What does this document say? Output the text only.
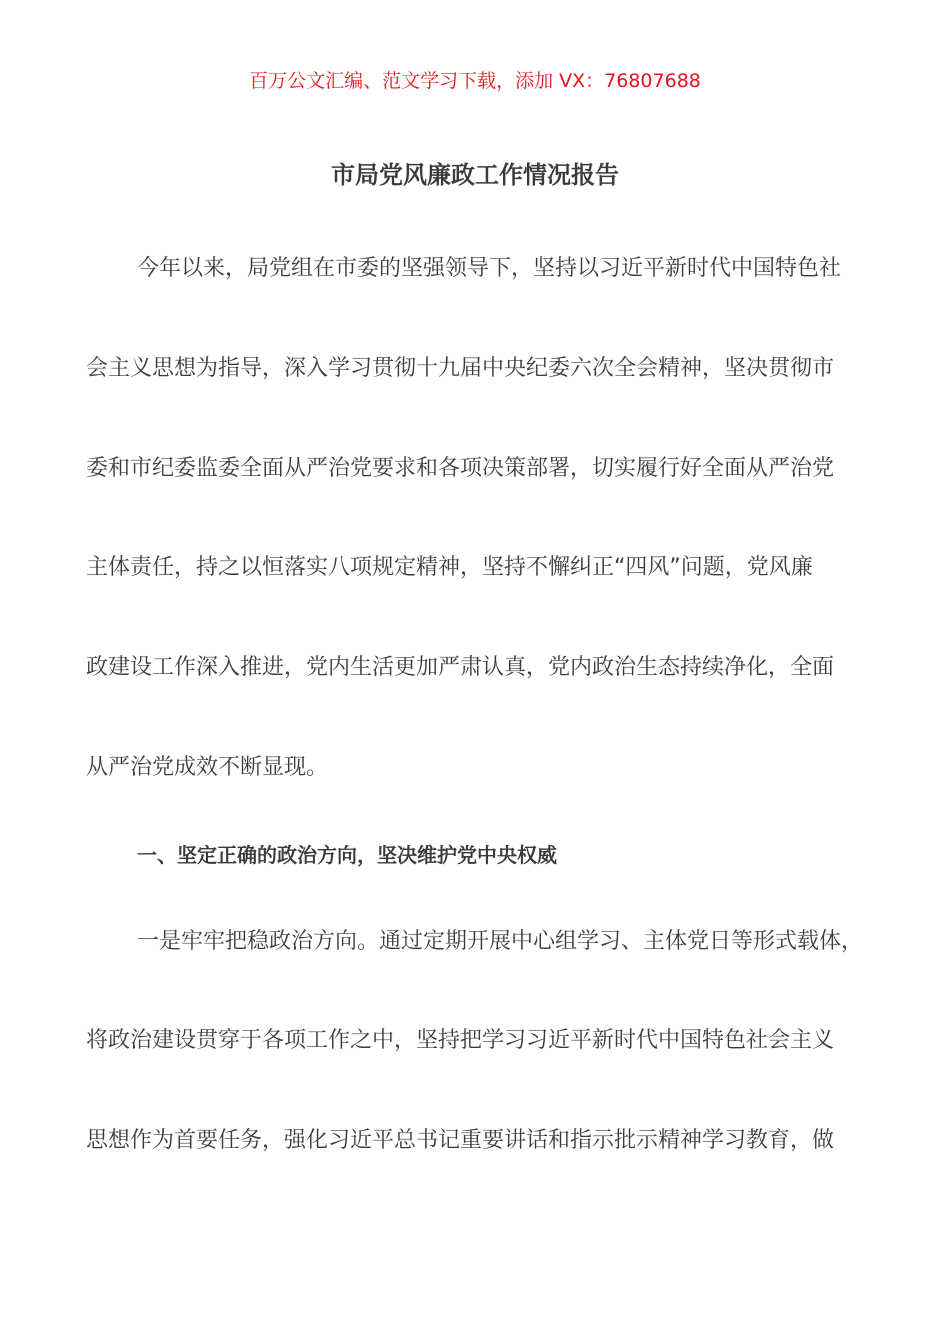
百万公文汇编、范文学习下载，添加 VX：76807688
市局党风廉政工作情况报告
今年以来，局党组在市委的坚强领导下，坚持以习近平新时代中国特色社
会主义思想为指导，深入学习贯彻十九届中央纪委六次全会精神，坚决贯彻市
委和市纪委监委全面从严治党要求和各项决策部署，切实履行好全面从严治党
主体责任，持之以恒落实八项规定精神，坚持不懈纠正“四风”问题，党风廉
政建设工作深入推进，党内生活更加严肃认真，党内政治生态持续净化，全面
从严治党成效不断显现。
一、坚定正确的政治方向，坚决维护党中央权威
一是牢牢把稳政治方向。通过定期开展中心组学习、主体党日等形式载体，
将政治建设贯穿于各项工作之中，坚持把学习习近平新时代中国特色社会主义
思想作为首要任务，强化习近平总书记重要讲话和指示批示精神学习教育，做
